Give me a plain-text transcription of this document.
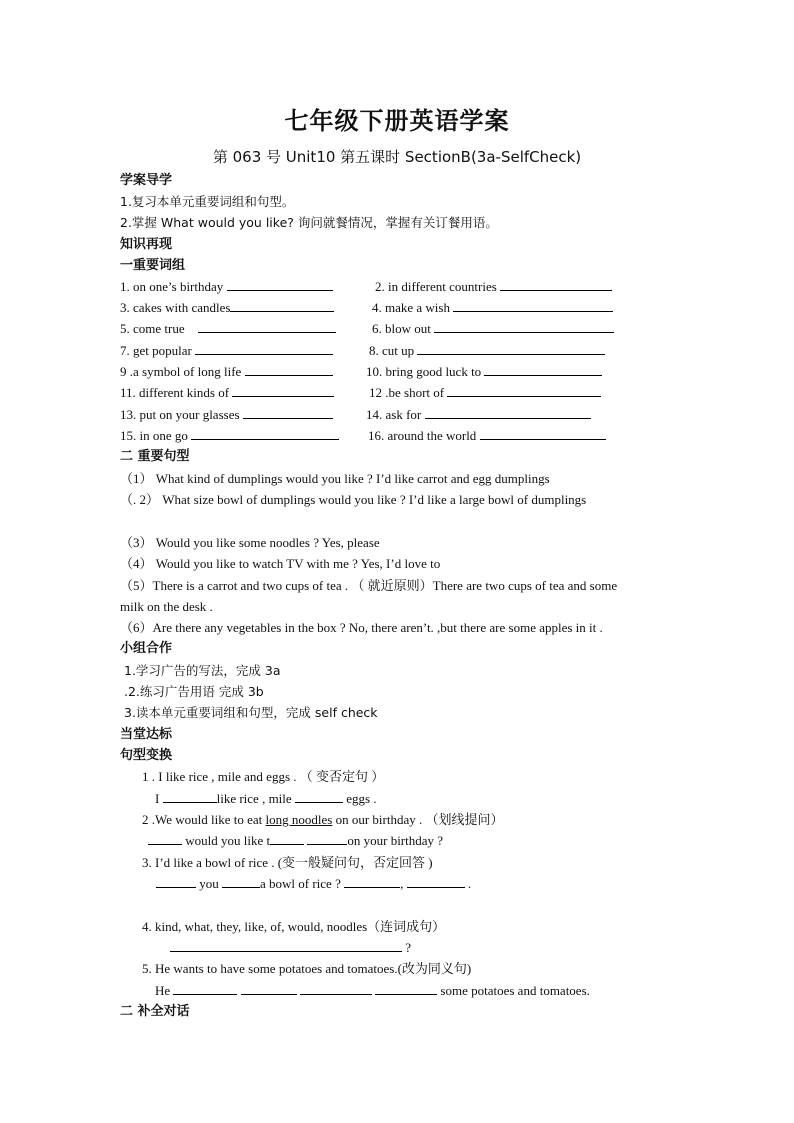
七年级下册英语学案
第 063 号 Unit10 第五课时 SectionB(3a-SelfCheck)
学案导学
1.复习本单元重要词组和句型。
2.掌握 What would you like? 询问就餐情况，掌握有关订餐用语。
知识再现
一重要词组
1. on one’s birthday	2. in different countries
3. cakes with candles	4. make a wish
5. come true	6. blow out
7. get popular	8. cut up
9 .a symbol of long life	10. bring good luck to
11. different kinds of	12 .be short of
13. put on your glasses	14. ask for
15. in one go	16. around the world
二 重要句型
（1） What kind of dumplings would you like ? I’d like carrot and egg dumplings
（. 2） What size bowl of dumplings would you like ? I’d like a large bowl of dumplings
（3） Would you like some noodles ? Yes, please
（4） Would you like to watch TV with me ? Yes, I’d love to
（5）There is a carrot and two cups of tea . （ 就近原则）There are two cups of tea and some
milk on the desk .
（6）Are there any vegetables in the box ? No, there aren’t. ,but there are some apples in it .
小组合作
1.学习广告的写法，完成 3a
.2.练习广告用语 完成 3b
3.读本单元重要词组和句型，完成 self check
当堂达标
句型变换
1 . I like rice , mile and eggs . （ 变否定句 ）
I	like rice , mile	eggs .
2 .We would like to eat long noodles on our birthday . （划线提问）
would you like t	on your birthday ?
3. I’d like a bowl of rice . (变一般疑问句，否定回答 )
you	a bowl of rice ?	,	.
4. kind, what, they, like, of, would, noodles（连词成句）
?
5. He wants to have some potatoes and tomatoes.(改为同义句)
He	some potatoes and tomatoes.
二 补全对话
